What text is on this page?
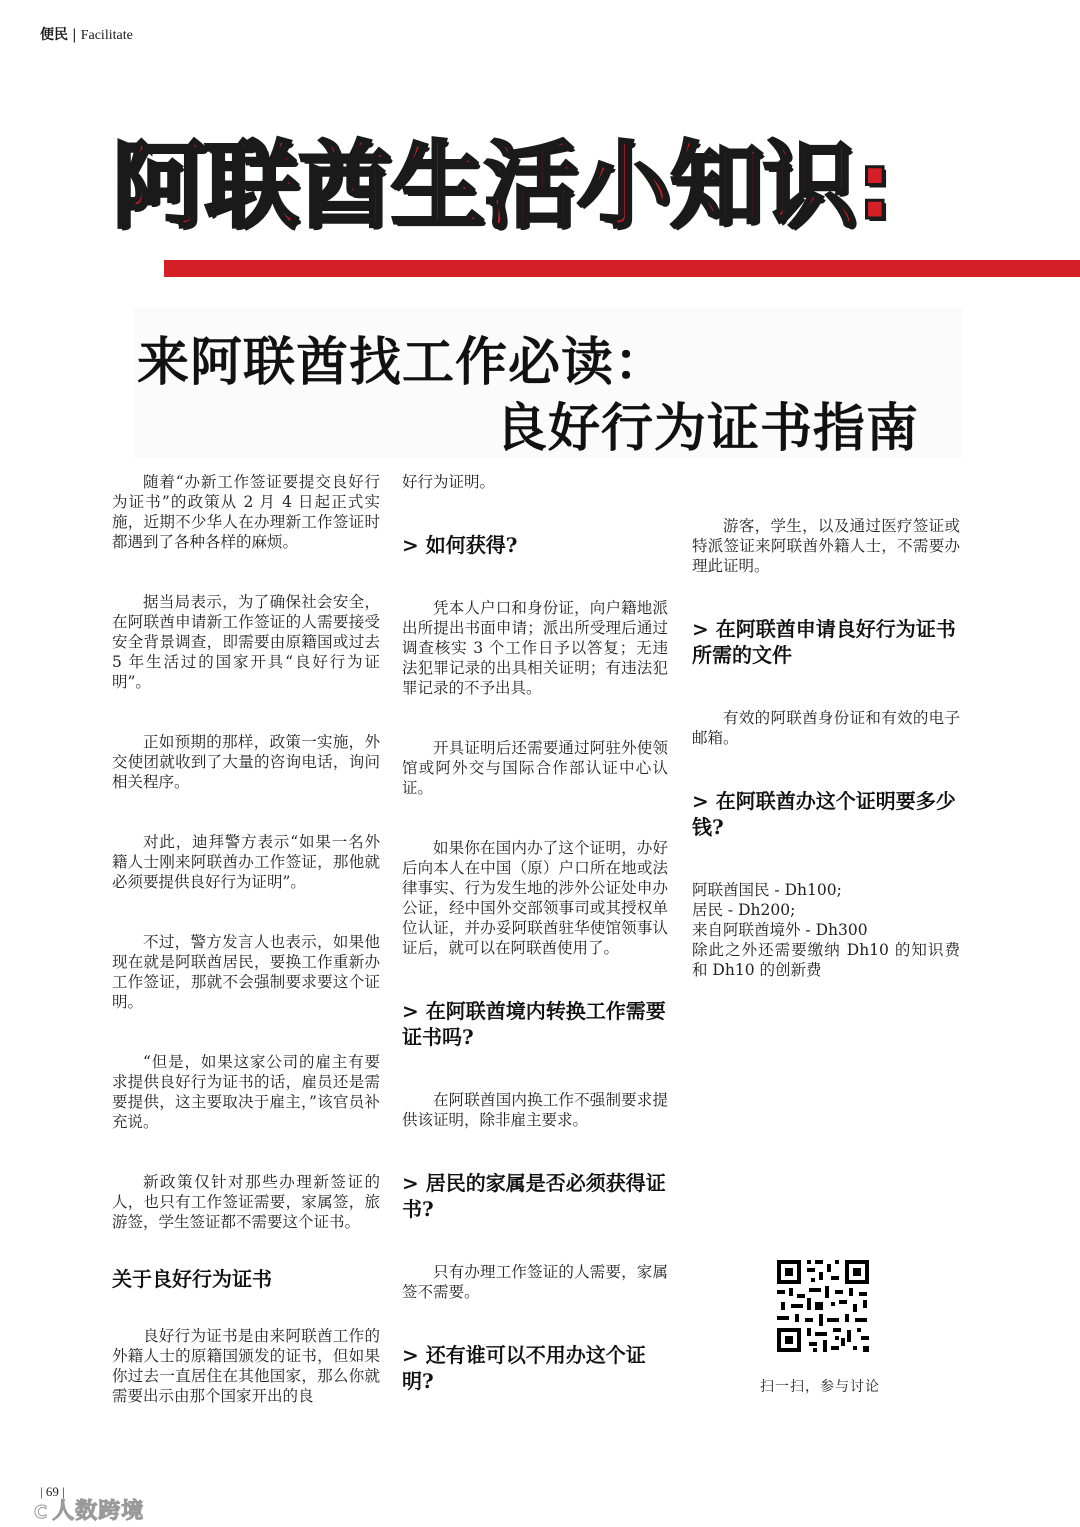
便民 | Facilitate
阿联酋生活小知识:
来阿联酋找工作必读：
良好行为证书指南

随着“办新工作签证要提交良好行为证书”的政策从 2 月 4 日起正式实施，近期不少华人在办理新工作签证时都遇到了各种各样的麻烦。

据当局表示，为了确保社会安全，在阿联酋申请新工作签证的人需要接受安全背景调查，即需要由原籍国或过去 5 年生活过的国家开具“良好行为证明”。

正如预期的那样，政策一实施，外交使团就收到了大量的咨询电话，询问相关程序。

对此，迪拜警方表示“如果一名外籍人士刚来阿联酋办工作签证，那他就必须要提供良好行为证明”。

不过，警方发言人也表示，如果他现在就是阿联酋居民，要换工作重新办工作签证，那就不会强制要求要这个证明。

“但是，如果这家公司的雇主有要求提供良好行为证书的话，雇员还是需要提供，这主要取决于雇主，”该官员补充说。

新政策仅针对那些办理新签证的人，也只有工作签证需要，家属签，旅游签，学生签证都不需要这个证书。

关于良好行为证书

良好行为证书是由来阿联酋工作的外籍人士的原籍国颁发的证书，但如果你过去一直居住在其他国家，那么你就需要出示由那个国家开出的良

好行为证明。

> 如何获得?

凭本人户口和身份证，向户籍地派出所提出书面申请；派出所受理后通过调查核实 3 个工作日予以答复；无违法犯罪记录的出具相关证明；有违法犯罪记录的不予出具。

开具证明后还需要通过阿驻外使领馆或阿外交与国际合作部认证中心认证。

如果你在国内办了这个证明，办好后向本人在中国（原）户口所在地或法律事实、行为发生地的涉外公证处申办公证，经中国外交部领事司或其授权单位认证，并办妥阿联酋驻华使馆领事认证后，就可以在阿联酋使用了。

> 在阿联酋境内转换工作需要证书吗?

在阿联酋国内换工作不强制要求提供该证明，除非雇主要求。

> 居民的家属是否必须获得证书?

只有办理工作签证的人需要，家属签不需要。

> 还有谁可以不用办这个证明?

游客，学生，以及通过医疗签证或特派签证来阿联酋外籍人士，不需要办理此证明。

> 在阿联酋申请良好行为证书所需的文件

有效的阿联酋身份证和有效的电子邮箱。

> 在阿联酋办这个证明要多少钱?

阿联酋国民 - Dh100;

居民 - Dh200;

来自阿联酋境外 - Dh300

除此之外还需要缴纳 Dh10 的知识费和 Dh10 的创新费

扫一扫，参与讨论
| 69 |
C 人数跨境
